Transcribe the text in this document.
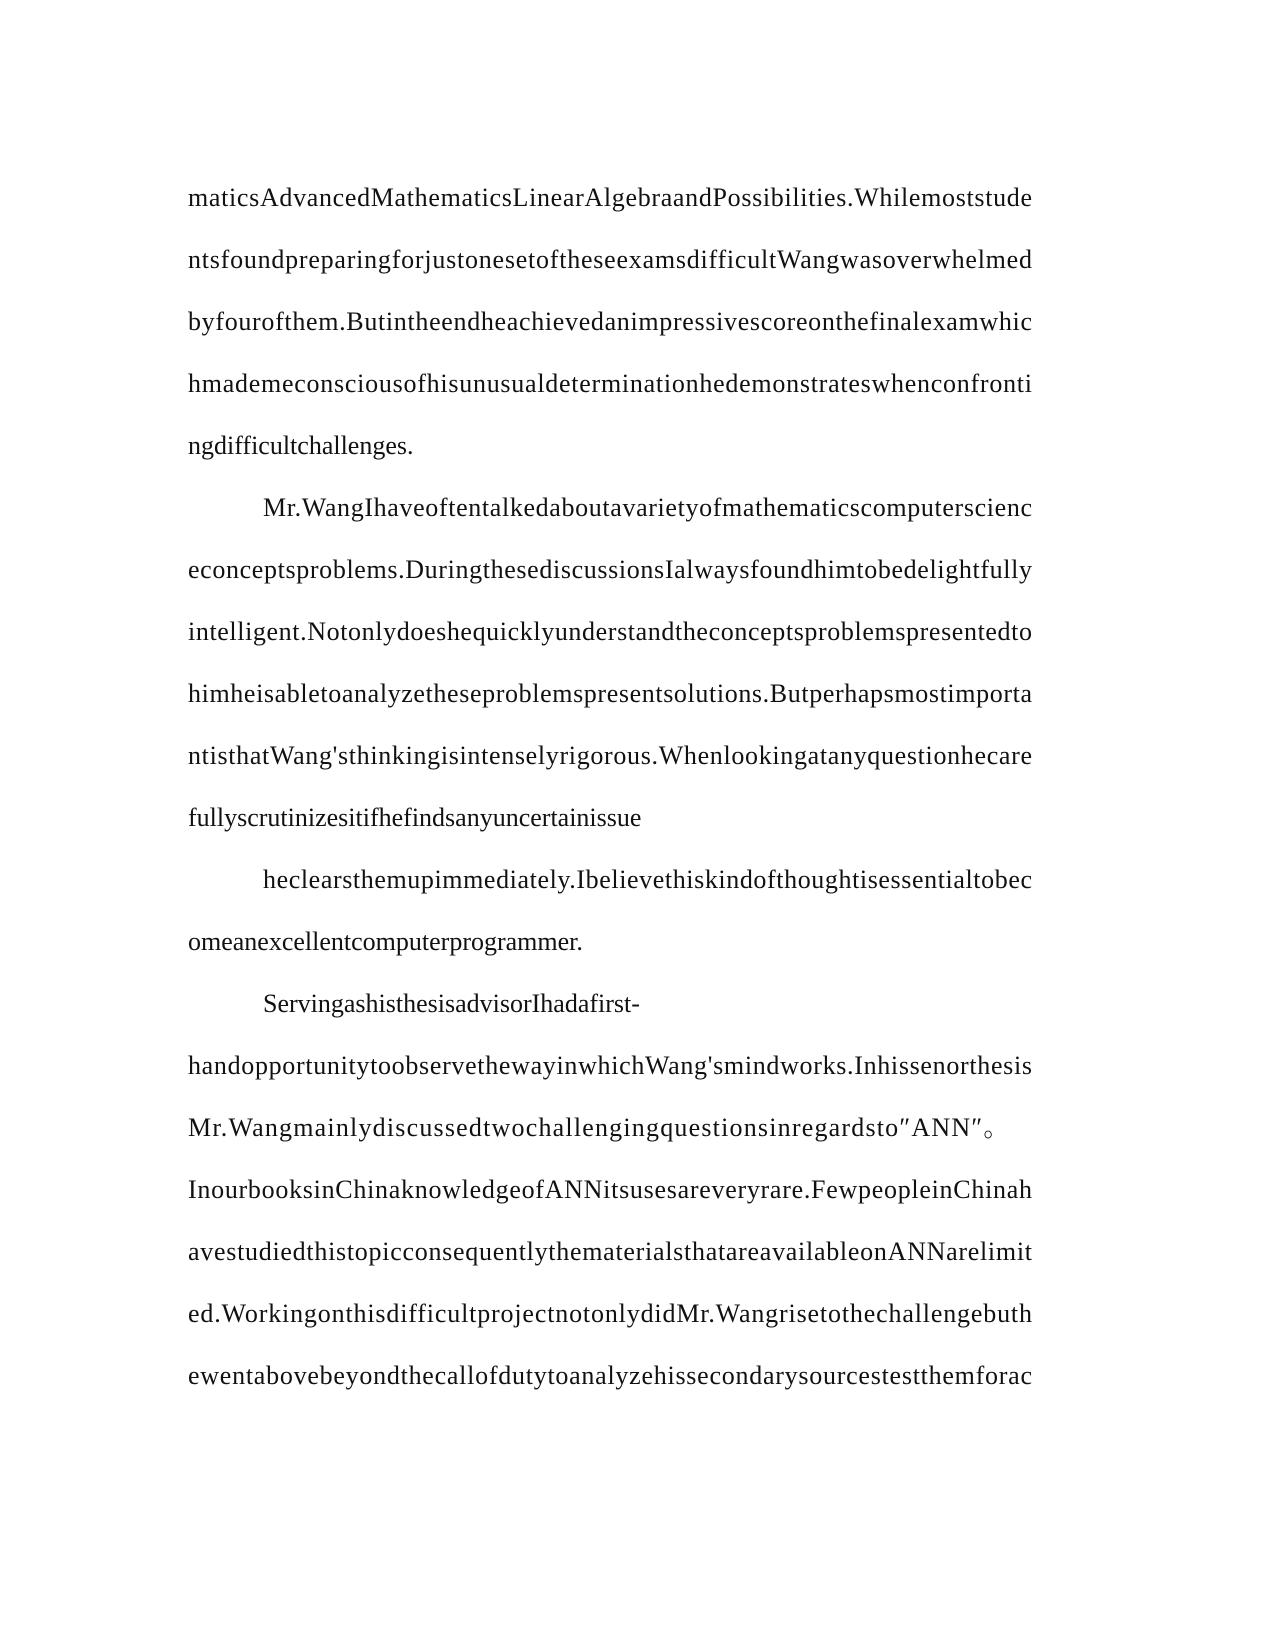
maticsAdvancedMathematicsLinearAlgebraandPossibilities.Whilemoststude
ntsfoundpreparingforjustonesetoftheseexamsdifficultWangwasoverwhelmed
byfourofthem.Butintheendheachievedanimpressivescoreonthefinalexamwhic
hmademeconsciousofhisunusualdeterminationhedemonstrateswhenconfronti
ngdifficultchallenges.
Mr.WangIhaveoftentalkedaboutavarietyofmathematicscomputerscienc
econceptsproblems.DuringthesediscussionsIalwaysfoundhimtobedelightfully
intelligent.Notonlydoeshequicklyunderstandtheconceptsproblemspresentedto
himheisabletoanalyzetheseproblemspresentsolutions.Butperhapsmostimporta
ntisthatWang'sthinkingisintenselyrigorous.Whenlookingatanyquestionhecare
fullyscrutinizesitifhefindsanyuncertainissue
heclearsthemupimmediately.Ibelievethiskindofthoughtisessentialtobec
omeanexcellentcomputerprogrammer.
ServingashisthesisadvisorIhadafirst-
handopportunitytoobservethewayinwhichWang'smindworks.Inhissenorthesis
Mr.Wangmainlydiscussedtwochallengingquestionsinregardsto″ANN″。
InourbooksinChinaknowledgeofANNitsusesareveryrare.FewpeopleinChinah
avestudiedthistopicconsequentlythematerialsthatareavailableonANNarelimit
ed.WorkingonthisdifficultprojectnotonlydidMr.Wangrisetothechallengebuth
ewentabovebeyondthecallofdutytoanalyzehissecondarysourcestestthemforac
